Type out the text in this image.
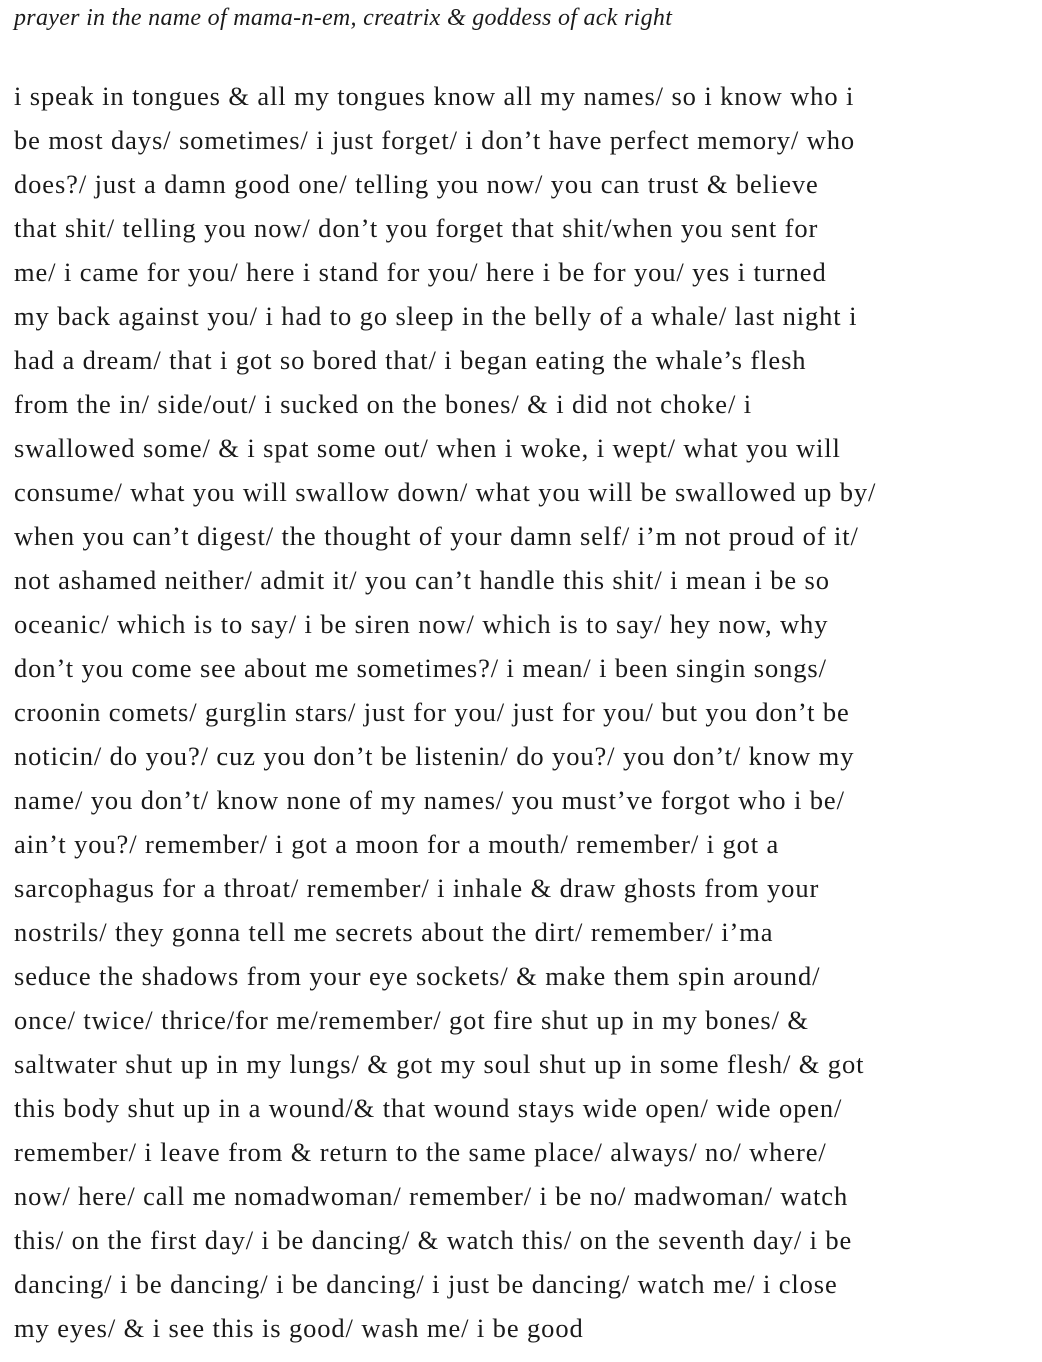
prayer in the name of mama-n-em, creatrix & goddess of ack right
i speak in tongues & all my tongues know all my names/ so i know who i
be most days/ sometimes/ i just forget/ i don’t have perfect memory/ who
does?/ just a damn good one/ telling you now/ you can trust & believe
that shit/ telling you now/ don’t you forget that shit/when you sent for
me/ i came for you/ here i stand for you/ here i be for you/ yes i turned
my back against you/ i had to go sleep in the belly of a whale/ last night i
had a dream/ that i got so bored that/ i began eating the whale’s flesh
from the in/ side/out/ i sucked on the bones/ & i did not choke/ i
swallowed some/ & i spat some out/ when i woke, i wept/ what you will
consume/ what you will swallow down/ what you will be swallowed up by/
when you can’t digest/ the thought of your damn self/ i’m not proud of it/
not ashamed neither/ admit it/ you can’t handle this shit/ i mean i be so
oceanic/ which is to say/ i be siren now/ which is to say/ hey now, why
don’t you come see about me sometimes?/ i mean/ i been singin songs/
croonin comets/ gurglin stars/ just for you/ just for you/ but you don’t be
noticin/ do you?/ cuz you don’t be listenin/ do you?/ you don’t/ know my
name/ you don’t/ know none of my names/ you must’ve forgot who i be/
ain’t you?/ remember/ i got a moon for a mouth/ remember/ i got a
sarcophagus for a throat/ remember/ i inhale & draw ghosts from your
nostrils/ they gonna tell me secrets about the dirt/ remember/ i’ma
seduce the shadows from your eye sockets/ & make them spin around/
once/ twice/ thrice/for me/remember/ got fire shut up in my bones/ &
saltwater shut up in my lungs/ & got my soul shut up in some flesh/ & got
this body shut up in a wound/& that wound stays wide open/ wide open/
remember/ i leave from & return to the same place/ always/ no/ where/
now/ here/ call me nomadwoman/ remember/ i be no/ madwoman/ watch
this/ on the first day/ i be dancing/ & watch this/ on the seventh day/ i be
dancing/ i be dancing/ i be dancing/ i just be dancing/ watch me/ i close
my eyes/ & i see this is good/ wash me/ i be good
